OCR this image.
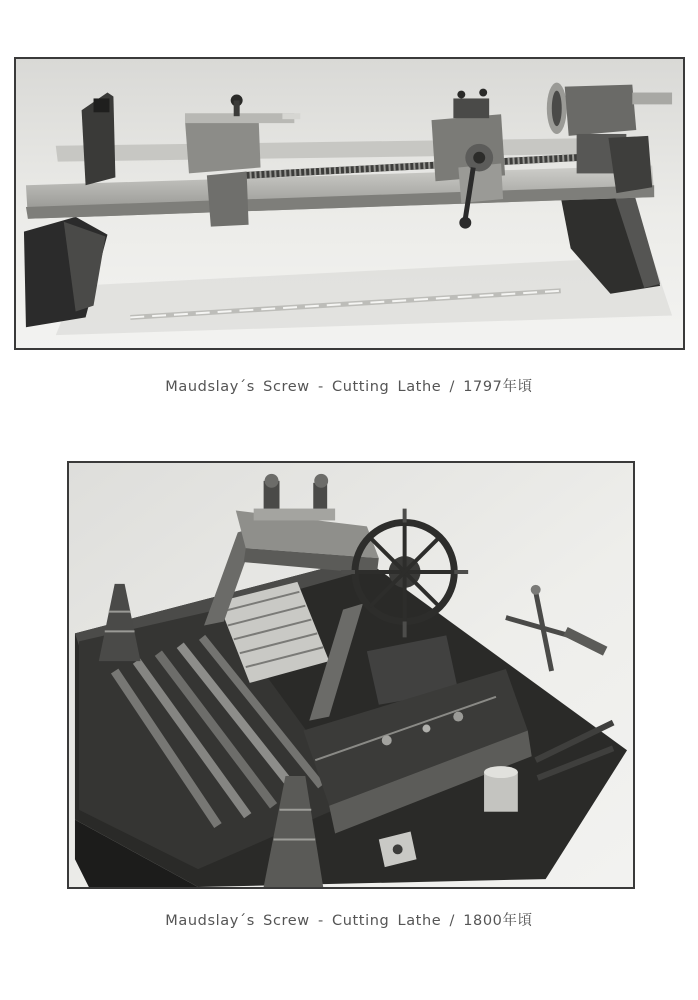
Maudslay´s Screw - Cutting Lathe / 1797年頃
Maudslay´s Screw - Cutting Lathe / 1800年頃
